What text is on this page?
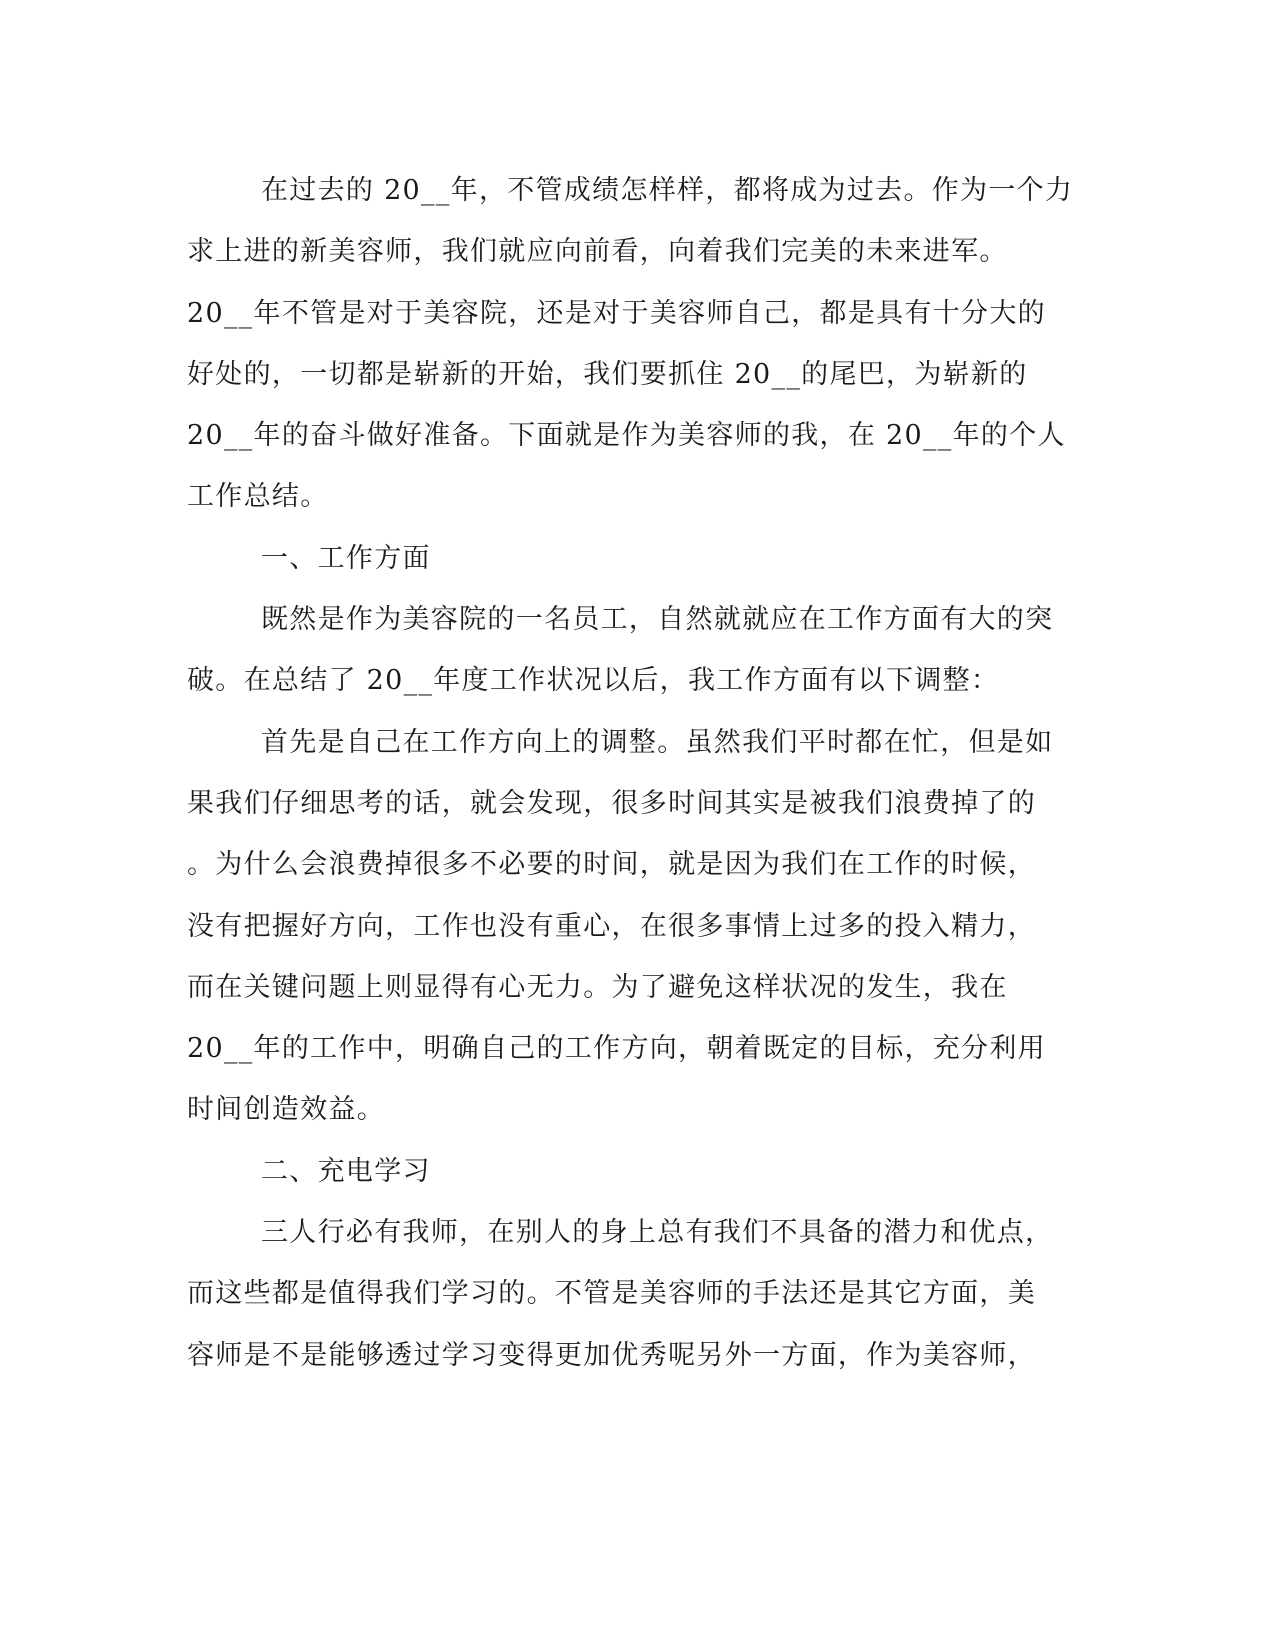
在过去的 20__年，不管成绩怎样样，都将成为过去。作为一个力
求上进的新美容师，我们就应向前看，向着我们完美的未来进军。
20__年不管是对于美容院，还是对于美容师自己，都是具有十分大的
好处的，一切都是崭新的开始，我们要抓住 20__的尾巴，为崭新的
20__年的奋斗做好准备。下面就是作为美容师的我，在 20__年的个人
工作总结。
一、工作方面
既然是作为美容院的一名员工，自然就就应在工作方面有大的突
破。在总结了 20__年度工作状况以后，我工作方面有以下调整：
首先是自己在工作方向上的调整。虽然我们平时都在忙，但是如
果我们仔细思考的话，就会发现，很多时间其实是被我们浪费掉了的
。为什么会浪费掉很多不必要的时间，就是因为我们在工作的时候，
没有把握好方向，工作也没有重心，在很多事情上过多的投入精力，
而在关键问题上则显得有心无力。为了避免这样状况的发生，我在
20__年的工作中，明确自己的工作方向，朝着既定的目标，充分利用
时间创造效益。
二、充电学习
三人行必有我师，在别人的身上总有我们不具备的潜力和优点，
而这些都是值得我们学习的。不管是美容师的手法还是其它方面，美
容师是不是能够透过学习变得更加优秀呢另外一方面，作为美容师，
